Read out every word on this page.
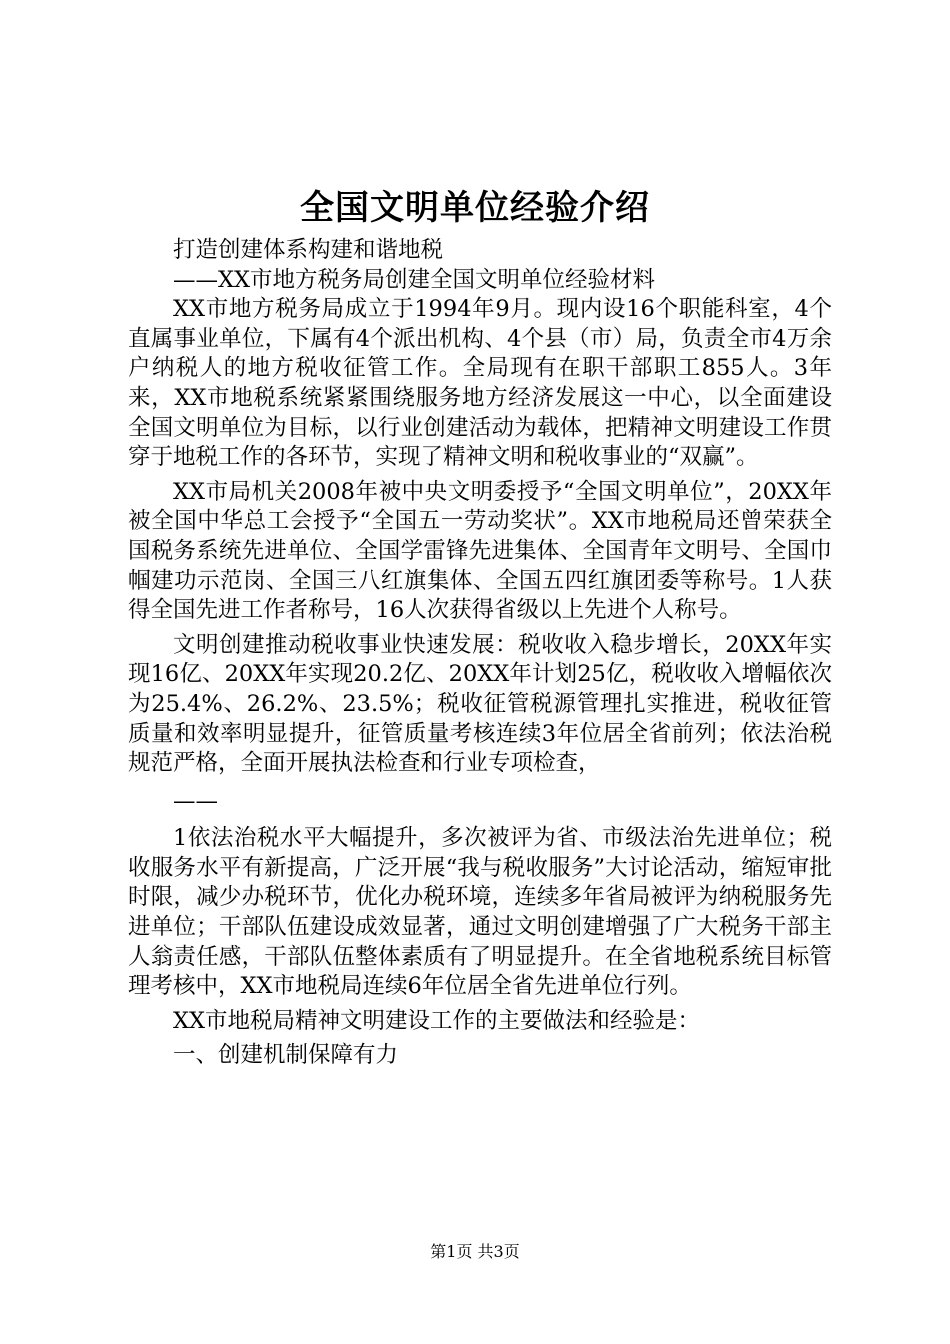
全国文明单位经验介绍

打造创建体系构建和谐地税

——XX市地方税务局创建全国文明单位经验材料

XX市地方税务局成立于1994年9月。现内设16个职能科室，4个直属事业单位，下属有4个派出机构、4个县（市）局，负责全市4万余户纳税人的地方税收征管工作。全局现有在职干部职工855人。3年来，XX市地税系统紧紧围绕服务地方经济发展这一中心，以全面建设全国文明单位为目标，以行业创建活动为载体，把精神文明建设工作贯穿于地税工作的各环节，实现了精神文明和税收事业的“双赢”。

XX市局机关2008年被中央文明委授予“全国文明单位”，20XX年被全国中华总工会授予“全国五一劳动奖状”。XX市地税局还曾荣获全国税务系统先进单位、全国学雷锋先进集体、全国青年文明号、全国巾帼建功示范岗、全国三八红旗集体、全国五四红旗团委等称号。1人获得全国先进工作者称号，16人次获得省级以上先进个人称号。

文明创建推动税收事业快速发展：税收收入稳步增长，20XX年实现16亿、20XX年实现20.2亿、20XX年计划25亿，税收收入增幅依次为25.4%、26.2%、23.5%；税收征管税源管理扎实推进，税收征管质量和效率明显提升，征管质量考核连续3年位居全省前列；依法治税规范严格，全面开展执法检查和行业专项检查，

——

1依法治税水平大幅提升，多次被评为省、市级法治先进单位；税收服务水平有新提高，广泛开展“我与税收服务”大讨论活动，缩短审批时限，减少办税环节，优化办税环境，连续多年省局被评为纳税服务先进单位；干部队伍建设成效显著，通过文明创建增强了广大税务干部主人翁责任感，干部队伍整体素质有了明显提升。在全省地税系统目标管理考核中，XX市地税局连续6年位居全省先进单位行列。

XX市地税局精神文明建设工作的主要做法和经验是：

一、创建机制保障有力

第1页 共3页
